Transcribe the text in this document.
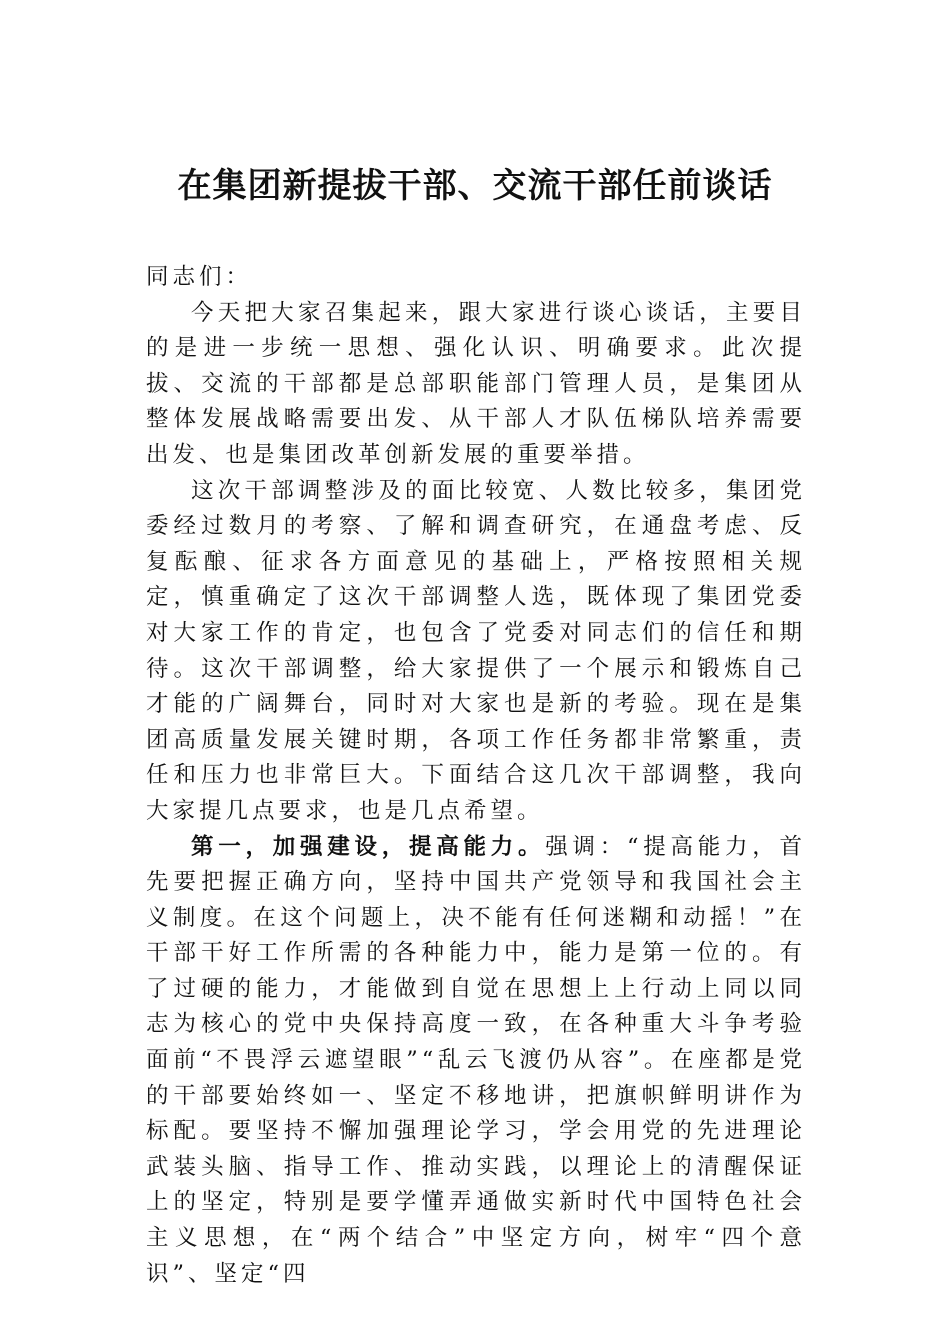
在集团新提拔干部、交流干部任前谈话

同志们：

今天把大家召集起来，跟大家进行谈心谈话，主要目的是进一步统一思想、强化认识、明确要求。此次提拔、交流的干部都是总部职能部门管理人员，是集团从整体发展战略需要出发、从干部人才队伍梯队培养需要出发、也是集团改革创新发展的重要举措。

这次干部调整涉及的面比较宽、人数比较多，集团党委经过数月的考察、了解和调查研究，在通盘考虑、反复酝酿、征求各方面意见的基础上，严格按照相关规定，慎重确定了这次干部调整人选，既体现了集团党委对大家工作的肯定，也包含了党委对同志们的信任和期待。这次干部调整，给大家提供了一个展示和锻炼自己才能的广阔舞台，同时对大家也是新的考验。现在是集团高质量发展关键时期，各项工作任务都非常繁重，责任和压力也非常巨大。下面结合这几次干部调整，我向大家提几点要求，也是几点希望。

第一，加强建设，提高能力。强调：“提高能力，首先要把握正确方向，坚持中国共产党领导和我国社会主义制度。在这个问题上，决不能有任何迷糊和动摇！”在干部干好工作所需的各种能力中，能力是第一位的。有了过硬的能力，才能做到自觉在思想上上行动上同以同志为核心的党中央保持高度一致，在各种重大斗争考验面前“不畏浮云遮望眼”“乱云飞渡仍从容”。在座都是党的干部要始终如一、坚定不移地讲，把旗帜鲜明讲作为标配。要坚持不懈加强理论学习，学会用党的先进理论武装头脑、指导工作、推动实践，以理论上的清醒保证上的坚定，特别是要学懂弄通做实新时代中国特色社会主义思想，在“两个结合”中坚定方向，树牢“四个意识”、坚定“四
